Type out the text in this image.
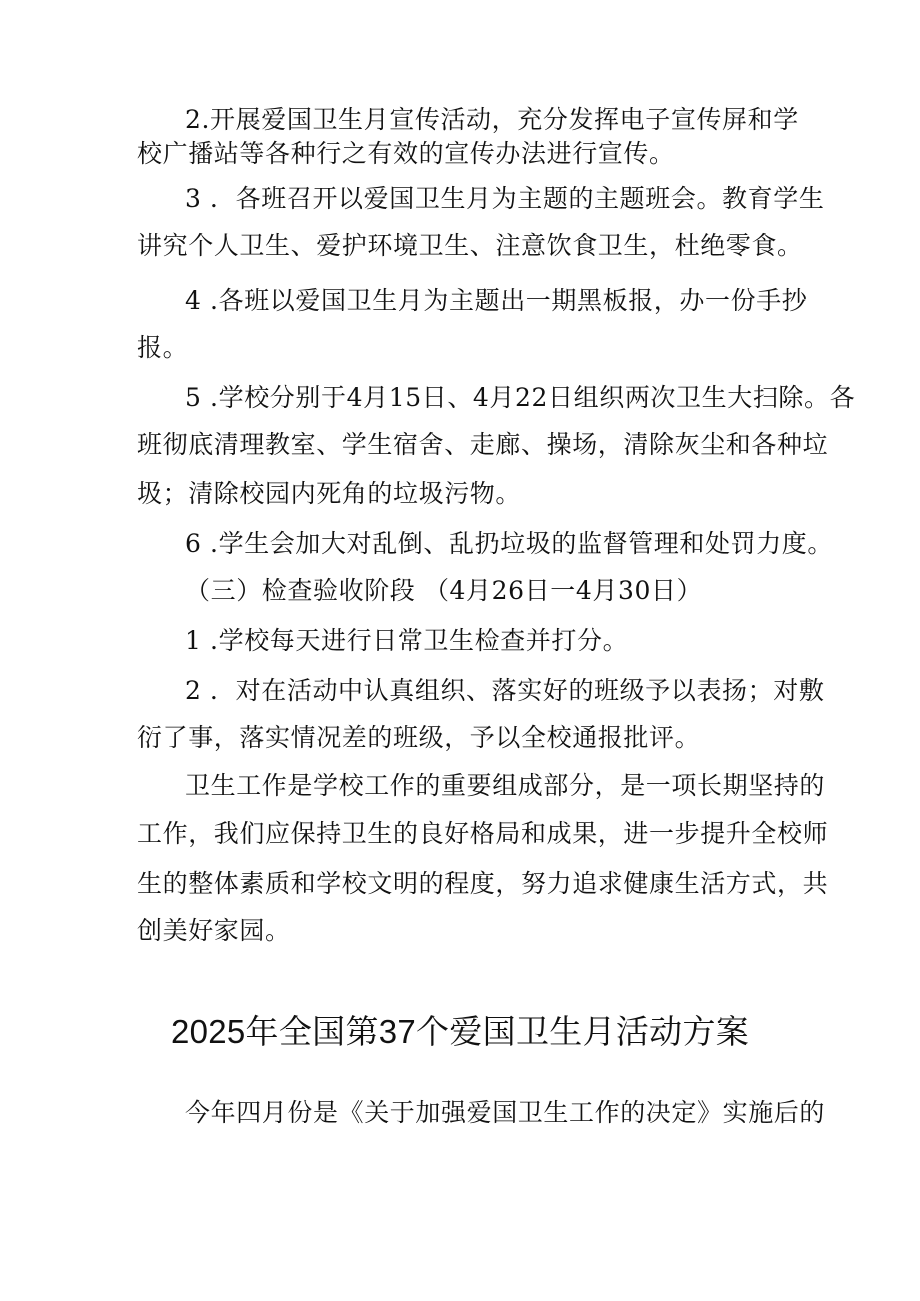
2.开展爱国卫生月宣传活动，充分发挥电子宣传屏和学
校广播站等各种行之有效的宣传办法进行宣传。
3 ．各班召开以爱国卫生月为主题的主题班会。教育学生
讲究个人卫生、爱护环境卫生、注意饮食卫生，杜绝零食。
4 .各班以爱国卫生月为主题出一期黑板报，办一份手抄
报。
5 .学校分别于4月15日、4月22日组织两次卫生大扫除。各
班彻底清理教室、学生宿舍、走廊、操场，清除灰尘和各种垃
圾；清除校园内死角的垃圾污物。
6 .学生会加大对乱倒、乱扔垃圾的监督管理和处罚力度。
（三）检查验收阶段 （4月26日一4月30日）
1 .学校每天进行日常卫生检查并打分。
2 ．对在活动中认真组织、落实好的班级予以表扬；对敷
衍了事，落实情况差的班级，予以全校通报批评。
卫生工作是学校工作的重要组成部分，是一项长期坚持的
工作，我们应保持卫生的良好格局和成果，进一步提升全校师
生的整体素质和学校文明的程度，努力追求健康生活方式，共
创美好家园。
2025年全国第37个爱国卫生月活动方案
今年四月份是《关于加强爱国卫生工作的决定》实施后的
